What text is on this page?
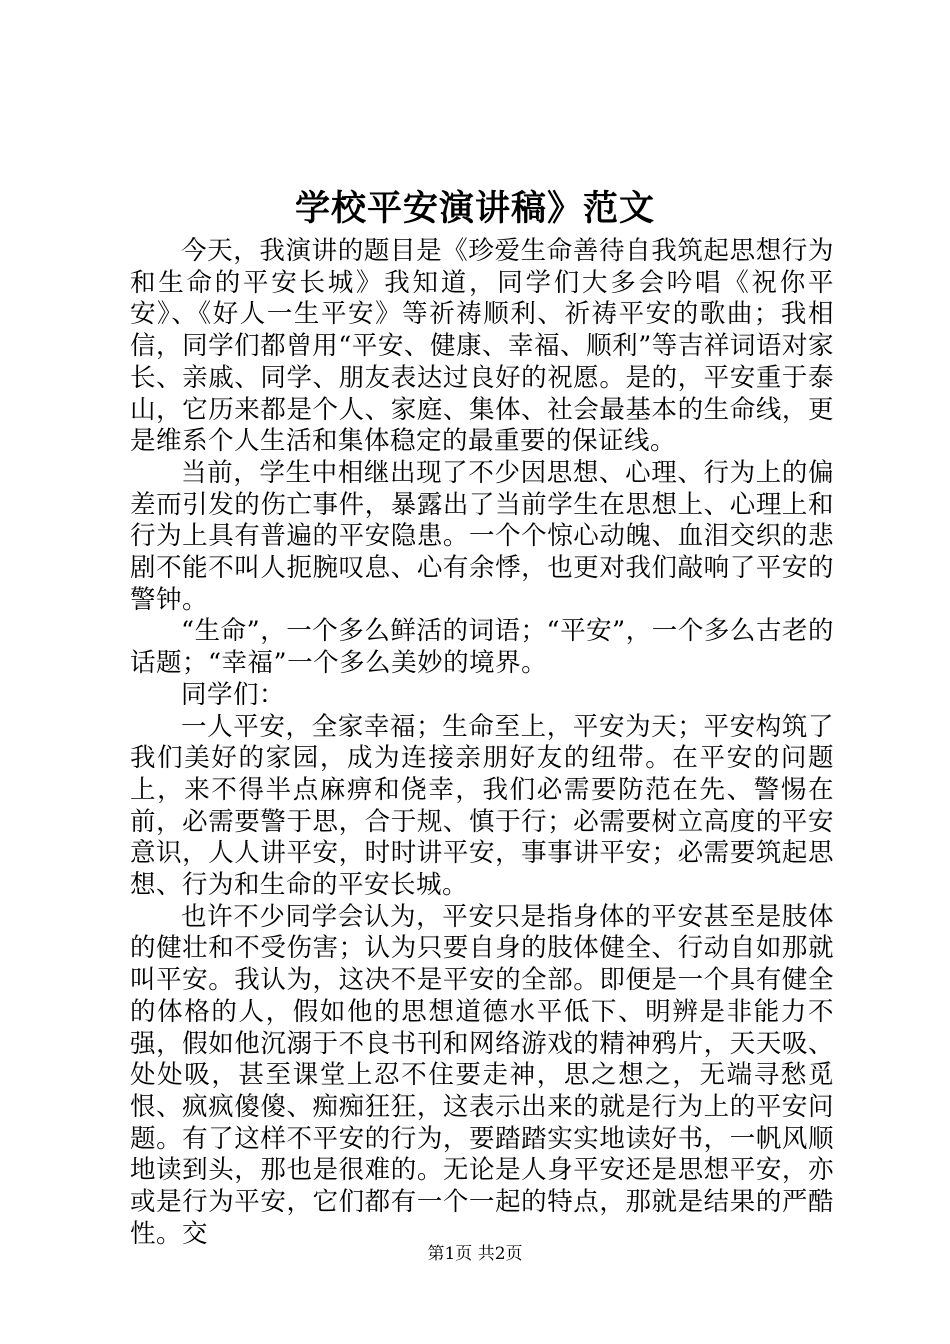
学校平安演讲稿》范文

今天，我演讲的题目是《珍爱生命善待自我筑起思想行为和生命的平安长城》我知道，同学们大多会吟唱《祝你平安》、《好人一生平安》等祈祷顺利、祈祷平安的歌曲；我相信，同学们都曾用“平安、健康、幸福、顺利”等吉祥词语对家长、亲戚、同学、朋友表达过良好的祝愿。是的，平安重于泰山，它历来都是个人、家庭、集体、社会最基本的生命线，更是维系个人生活和集体稳定的最重要的保证线。

当前，学生中相继出现了不少因思想、心理、行为上的偏差而引发的伤亡事件，暴露出了当前学生在思想上、心理上和行为上具有普遍的平安隐患。一个个惊心动魄、血泪交织的悲剧不能不叫人扼腕叹息、心有余悸，也更对我们敲响了平安的警钟。

“生命”，一个多么鲜活的词语；“平安”，一个多么古老的话题；“幸福”一个多么美妙的境界。

同学们：

一人平安，全家幸福；生命至上，平安为天；平安构筑了我们美好的家园，成为连接亲朋好友的纽带。在平安的问题上，来不得半点麻痹和侥幸，我们必需要防范在先、警惕在前，必需要警于思，合于规、慎于行；必需要树立高度的平安意识，人人讲平安，时时讲平安，事事讲平安；必需要筑起思想、行为和生命的平安长城。

也许不少同学会认为，平安只是指身体的平安甚至是肢体的健壮和不受伤害；认为只要自身的肢体健全、行动自如那就叫平安。我认为，这决不是平安的全部。即便是一个具有健全的体格的人，假如他的思想道德水平低下、明辨是非能力不强，假如他沉溺于不良书刊和网络游戏的精神鸦片，天天吸、处处吸，甚至课堂上忍不住要走神，思之想之，无端寻愁觅恨、疯疯傻傻、痴痴狂狂，这表示出来的就是行为上的平安问题。有了这样不平安的行为，要踏踏实实地读好书，一帆风顺地读到头，那也是很难的。无论是人身平安还是思想平安，亦或是行为平安，它们都有一个一起的特点，那就是结果的严酷性。交

第1页 共2页
